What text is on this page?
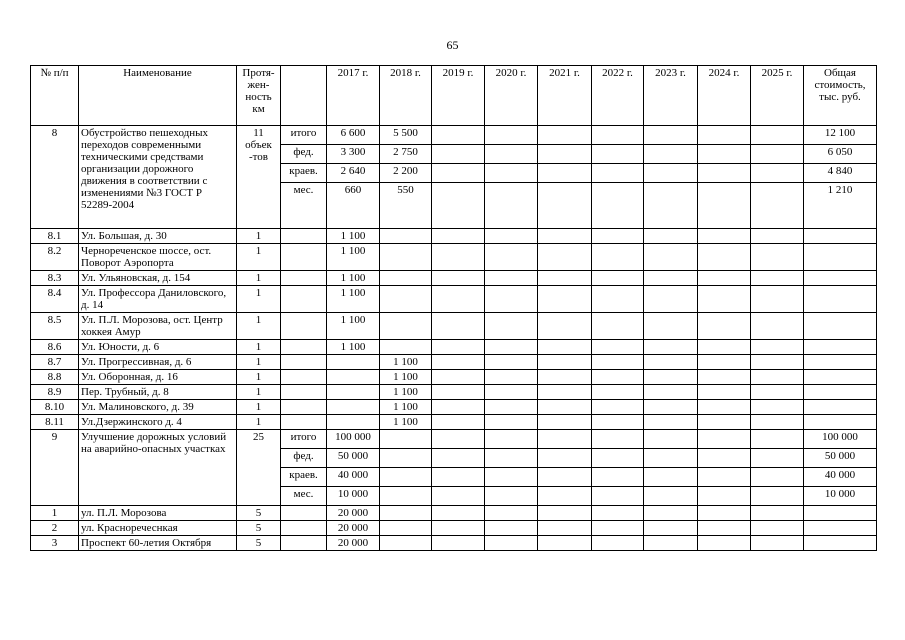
65
№ п/п	Наименование	Протя-
жен-
ность
км		2017 г.	2018 г.	2019 г.	2020 г.	2021 г.	2022 г.	2023 г.	2024 г.	2025 г.	Общая стоимость, тыс. руб.
8	Обустройство пешеходных переходов современными техническими средствами организации дорожного движения в соответствии с изменениями №3 ГОСТ Р 52289-2004	11 объек -тов	итого	6 600	5 500								12 100
			фед.	3 300	2 750								6 050
			краев.	2 640	2 200								4 840
			мес.	660	550								1 210
8.1	Ул. Большая, д. 30	1		1 100									
8.2	Чернореченское шоссе, ост. Поворот Аэропорта	1		1 100									
8.3	Ул. Ульяновская, д. 154	1		1 100									
8.4	Ул. Профессора Даниловского, д. 14	1		1 100									
8.5	Ул. П.Л. Морозова, ост. Центр хоккея Амур	1		1 100									
8.6	Ул. Юности, д. 6	1		1 100									
8.7	Ул. Прогрессивная, д. 6	1			1 100								
8.8	Ул. Оборонная, д. 16	1			1 100								
8.9	Пер. Трубный, д. 8	1			1 100								
8.10	Ул. Малиновского, д. 39	1			1 100								
8.11	Ул.Дзержинского д. 4	1			1 100								
9	Улучшение дорожных условий на аварийно-опасных участках	25	итого	100 000									100 000
			фед.	50 000									50 000
			краев.	40 000									40 000
			мес.	10 000									10 000
1	ул. П.Л. Морозова	5		20 000									
2	ул. Красноречеснкая	5		20 000									
3	Проспект 60-летия Октября	5		20 000									
